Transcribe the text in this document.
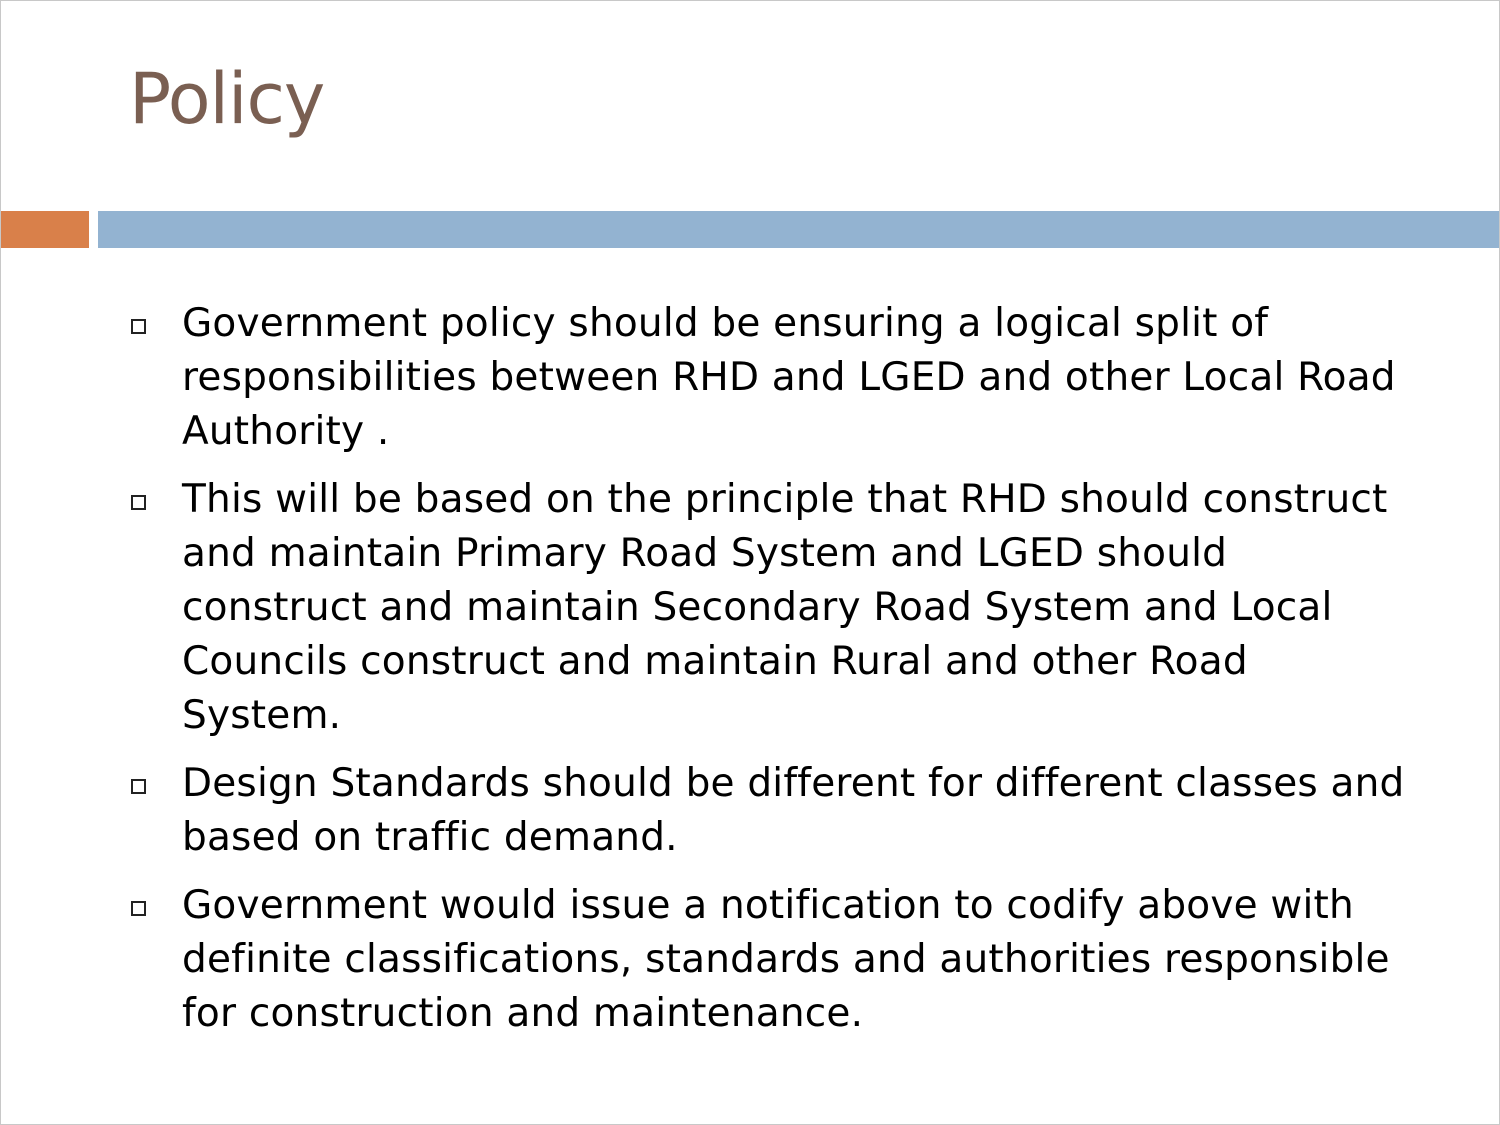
Policy
Government policy should be ensuring a logical split of responsibilities between RHD and LGED and other Local Road Authority .
This will be based on the principle that RHD should construct and maintain Primary Road System and LGED should construct and maintain Secondary Road System and Local Councils construct and maintain Rural and other Road System.
Design Standards should be different for different classes and based on traffic demand.
Government would issue a notification to codify above with definite classifications, standards and authorities responsible for construction and maintenance.
